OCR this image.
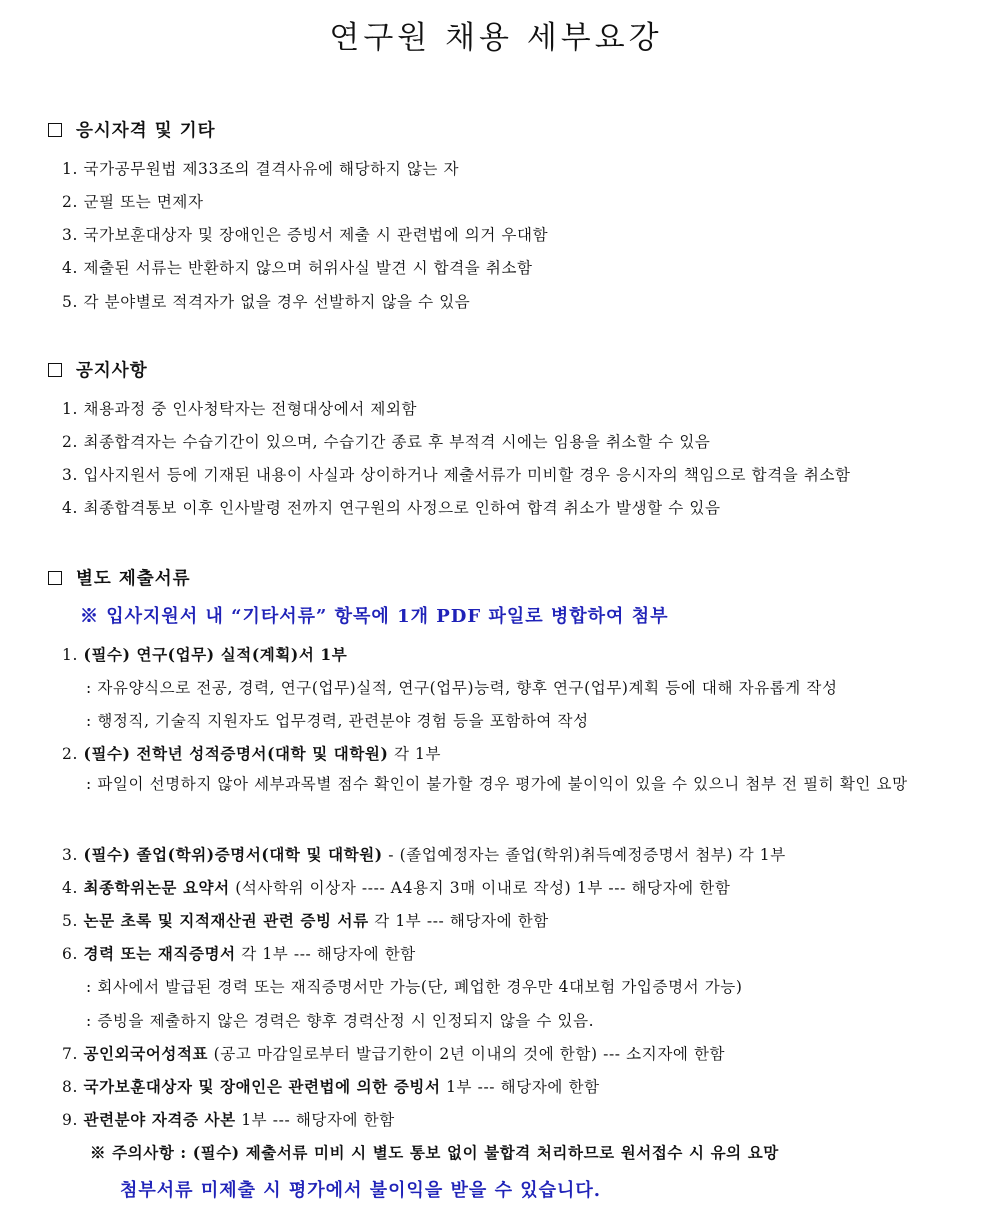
연구원 채용 세부요강
응시자격 및 기타
1. 국가공무원법 제33조의 결격사유에 해당하지 않는 자
2. 군필 또는 면제자
3. 국가보훈대상자 및 장애인은 증빙서 제출 시 관련법에 의거 우대함
4. 제출된 서류는 반환하지 않으며 허위사실 발견 시 합격을 취소함
5. 각 분야별로 적격자가 없을 경우 선발하지 않을 수 있음
공지사항
1. 채용과정 중 인사청탁자는 전형대상에서 제외함
2. 최종합격자는 수습기간이 있으며, 수습기간 종료 후 부적격 시에는 임용을 취소할 수 있음
3. 입사지원서 등에 기재된 내용이 사실과 상이하거나 제출서류가 미비할 경우 응시자의 책임으로 합격을 취소함
4. 최종합격통보 이후 인사발령 전까지 연구원의 사정으로 인하여 합격 취소가 발생할 수 있음
별도 제출서류
※ 입사지원서 내 “기타서류” 항목에 1개 PDF 파일로 병합하여 첨부
1. (필수) 연구(업무) 실적(계획)서 1부
: 자유양식으로 전공, 경력, 연구(업무)실적, 연구(업무)능력, 향후 연구(업무)계획 등에 대해 자유롭게 작성
: 행정직, 기술직 지원자도 업무경력, 관련분야 경험 등을 포함하여 작성
2. (필수) 전학년 성적증명서(대학 및 대학원) 각 1부
: 파일이 선명하지 않아 세부과목별 점수 확인이 불가할 경우 평가에 불이익이 있을 수 있으니 첨부 전 필히 확인 요망
3. (필수) 졸업(학위)증명서(대학 및 대학원) - (졸업예정자는 졸업(학위)취득예정증명서 첨부) 각 1부
4. 최종학위논문 요약서 (석사학위 이상자 ---- A4용지 3매 이내로 작성) 1부 --- 해당자에 한함
5. 논문 초록 및 지적재산권 관련 증빙 서류 각 1부 --- 해당자에 한함
6. 경력 또는 재직증명서 각 1부 --- 해당자에 한함
: 회사에서 발급된 경력 또는 재직증명서만 가능(단, 폐업한 경우만 4대보험 가입증명서 가능)
: 증빙을 제출하지 않은 경력은 향후 경력산정 시 인정되지 않을 수 있음.
7. 공인외국어성적표 (공고 마감일로부터 발급기한이 2년 이내의 것에 한함) --- 소지자에 한함
8. 국가보훈대상자 및 장애인은 관련법에 의한 증빙서 1부 --- 해당자에 한함
9. 관련분야 자격증 사본 1부 --- 해당자에 한함
※ 주의사항 : (필수) 제출서류 미비 시 별도 통보 없이 불합격 처리하므로 원서접수 시 유의 요망
첨부서류 미제출 시 평가에서 불이익을 받을 수 있습니다.
